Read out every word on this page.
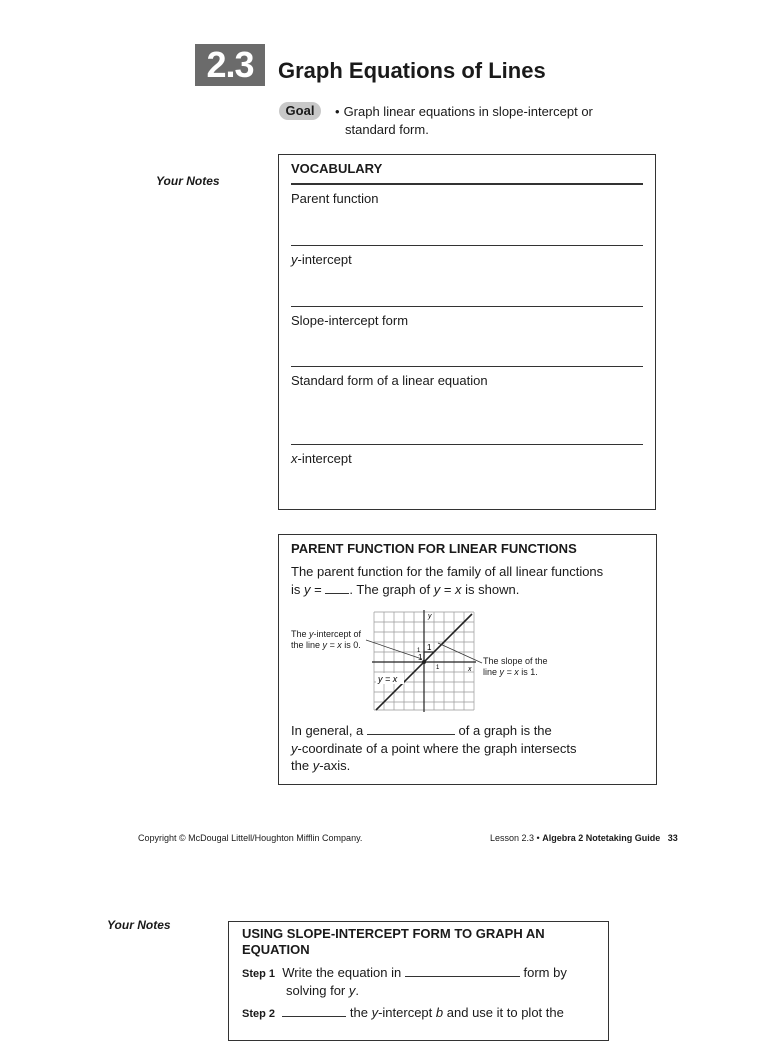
2.3	Graph Equations of Lines
Goal	• Graph linear equations in slope-intercept or
standard form.
Your Notes
VOCABULARY
Parent function
y-intercept
Slope-intercept form
Standard form of a linear equation
x-intercept
PARENT FUNCTION FOR LINEAR FUNCTIONS
The parent function for the family of all linear functions
is y = . The graph of y = x is shown.
y
x
1
1 1
1
y = x
The y-intercept of
the line y = x is 0.
The slope of the
line y = x is 1.
In general, a	of a graph is the
y-coordinate of a point where the graph intersects
the y-axis.
Copyright © McDougal Littell/Houghton Mifflin Company.	Lesson 2.3 • Algebra 2 Notetaking Guide 33
Your Notes
USING SLOPE-INTERCEPT FORM TO GRAPH AN EQUATION
Step 1 Write the equation in	form by
solving for y.
Step 2	the y-intercept b and use it to plot the
